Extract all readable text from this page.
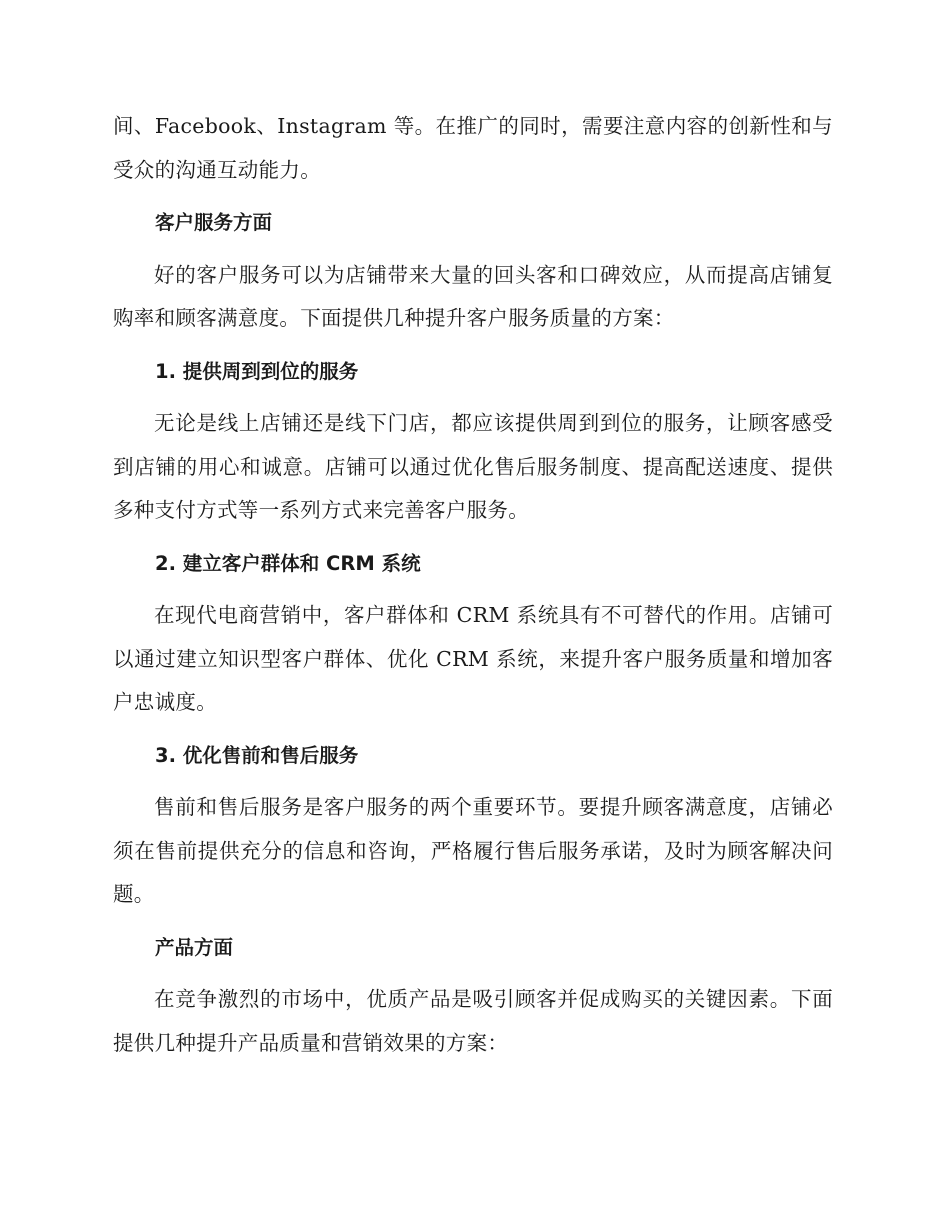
间、Facebook、Instagram 等。在推广的同时，需要注意内容的创新性和与受众的沟通互动能力。

客户服务方面

好的客户服务可以为店铺带来大量的回头客和口碑效应，从而提高店铺复购率和顾客满意度。下面提供几种提升客户服务质量的方案：

1. 提供周到到位的服务

无论是线上店铺还是线下门店，都应该提供周到到位的服务，让顾客感受到店铺的用心和诚意。店铺可以通过优化售后服务制度、提高配送速度、提供多种支付方式等一系列方式来完善客户服务。

2. 建立客户群体和 CRM 系统

在现代电商营销中，客户群体和 CRM 系统具有不可替代的作用。店铺可以通过建立知识型客户群体、优化 CRM 系统，来提升客户服务质量和增加客户忠诚度。

3. 优化售前和售后服务

售前和售后服务是客户服务的两个重要环节。要提升顾客满意度，店铺必须在售前提供充分的信息和咨询，严格履行售后服务承诺，及时为顾客解决问题。

产品方面

在竞争激烈的市场中，优质产品是吸引顾客并促成购买的关键因素。下面提供几种提升产品质量和营销效果的方案：
